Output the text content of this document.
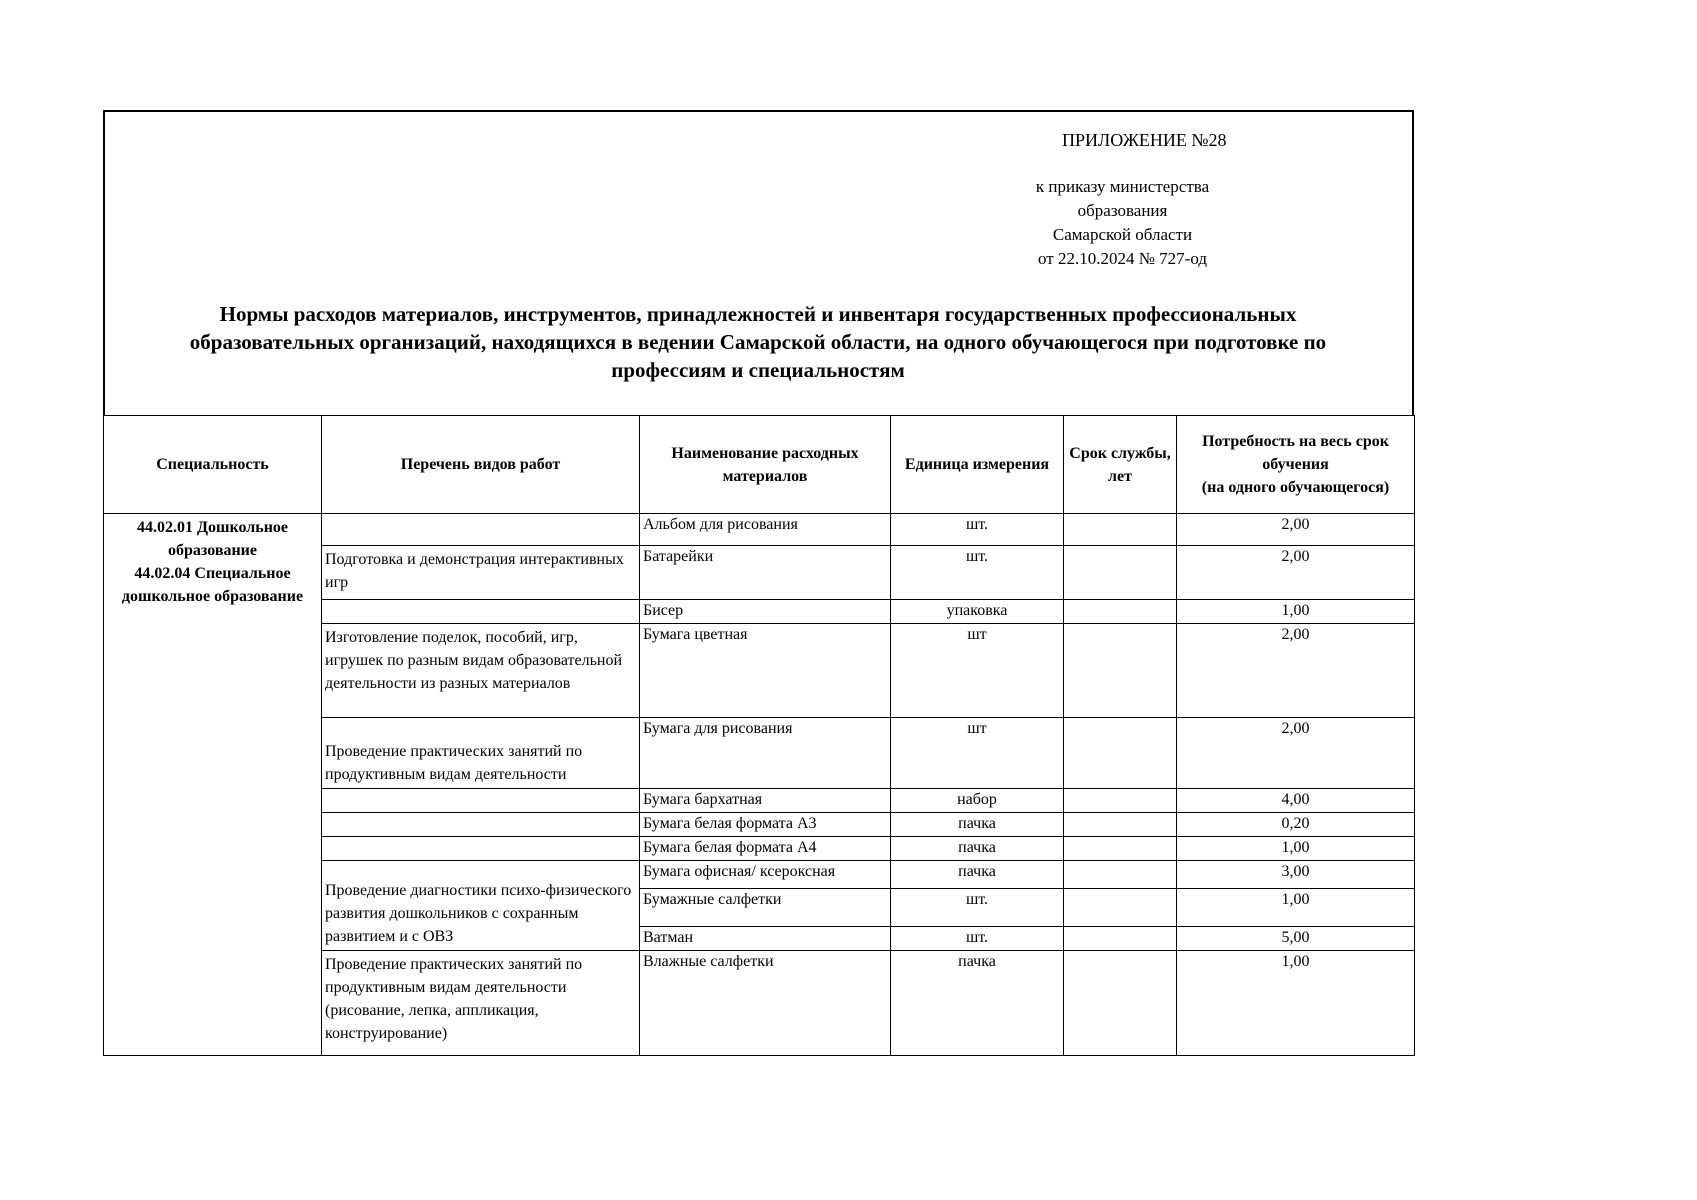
ПРИЛОЖЕНИЕ №28
к приказу министерства
образования
Самарской области
от 22.10.2024 № 727-од
Нормы расходов материалов, инструментов, принадлежностей и инвентаря государственных профессиональных
образовательных организаций, находящихся в ведении Самарской области, на одного обучающегося при подготовке по
профессиям и специальностям
Специальность	Перечень видов работ	Наименование расходных материалов	Единица измерения	Срок службы, лет	Потребность на весь срок
обучения
(на одного обучающегося)

44.02.01 Дошкольное
образование
44.02.04 Специальное
дошкольное образование		Альбом для рисования	шт.		2,00
	Подготовка и демонстрация интерактивных игр	Батарейки	шт.		2,00
		Бисер	упаковка		1,00
	Изготовление поделок, пособий, игр, игрушек по разным видам образовательной деятельности из разных материалов	Бумага цветная	шт		2,00
	Проведение практических занятий по продуктивным видам деятельности	Бумага для рисования	шт		2,00
		Бумага бархатная	набор		4,00
		Бумага белая формата А3	пачка		0,20
		Бумага белая формата А4	пачка		1,00
	Проведение диагностики психо-физического развития дошкольников с сохранным развитием и с ОВЗ	Бумага офисная/ ксероксная	пачка		3,00
		Бумажные салфетки	шт.		1,00
		Ватман	шт.		5,00
	Проведение практических занятий по продуктивным видам деятельности (рисование, лепка, аппликация, конструирование)	Влажные салфетки	пачка		1,00
